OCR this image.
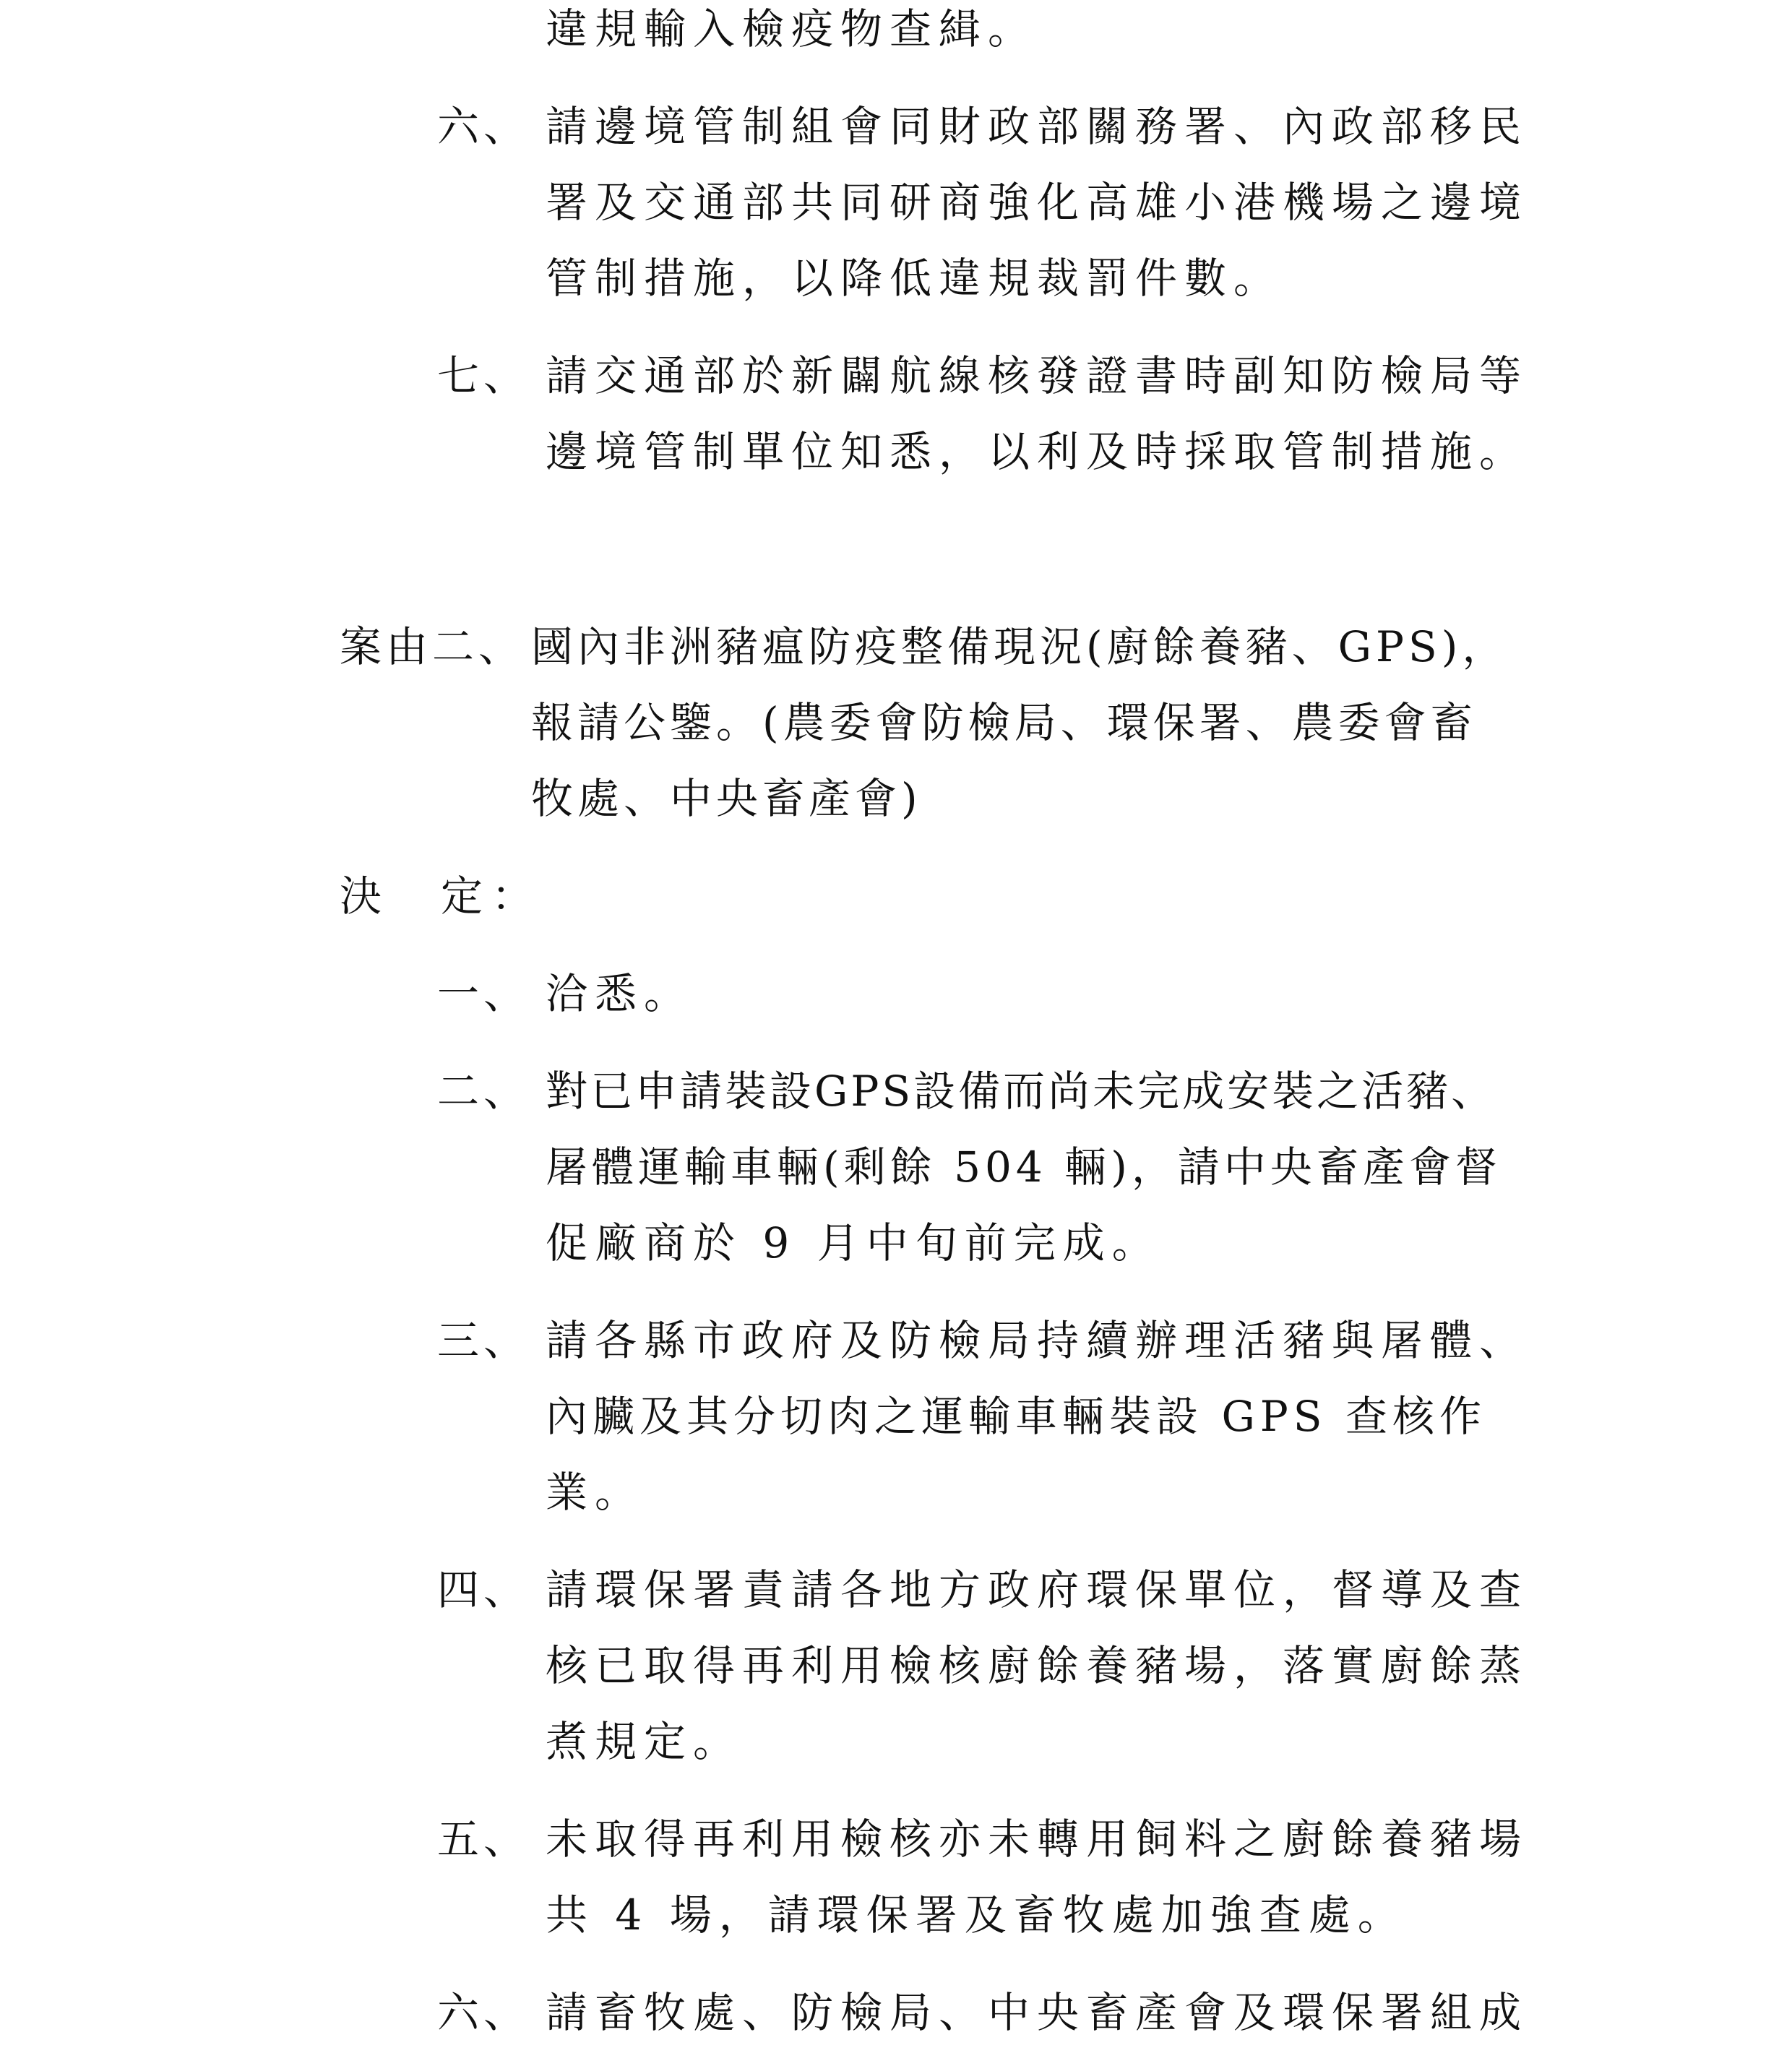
違規輸入檢疫物查緝。
六、 請邊境管制組會同財政部關務署、內政部移民
署及交通部共同研商強化高雄小港機場之邊境
管制措施，以降低違規裁罰件數。
七、 請交通部於新闢航線核發證書時副知防檢局等
邊境管制單位知悉，以利及時採取管制措施。
案由二、 國內非洲豬瘟防疫整備現況(廚餘養豬、GPS)，
報請公鑒。(農委會防檢局、環保署、農委會畜
牧處、中央畜產會)
決　定：
一、 洽悉。
二、 對已申請裝設GPS設備而尚未完成安裝之活豬、
屠體運輸車輛(剩餘 504 輛)，請中央畜產會督
促廠商於 9 月中旬前完成。
三、 請各縣市政府及防檢局持續辦理活豬與屠體、
內臟及其分切肉之運輸車輛裝設 GPS 查核作
業。
四、 請環保署責請各地方政府環保單位，督導及查
核已取得再利用檢核廚餘養豬場，落實廚餘蒸
煮規定。
五、 未取得再利用檢核亦未轉用飼料之廚餘養豬場
共 4 場，請環保署及畜牧處加強查處。
六、 請畜牧處、防檢局、中央畜產會及環保署組成
